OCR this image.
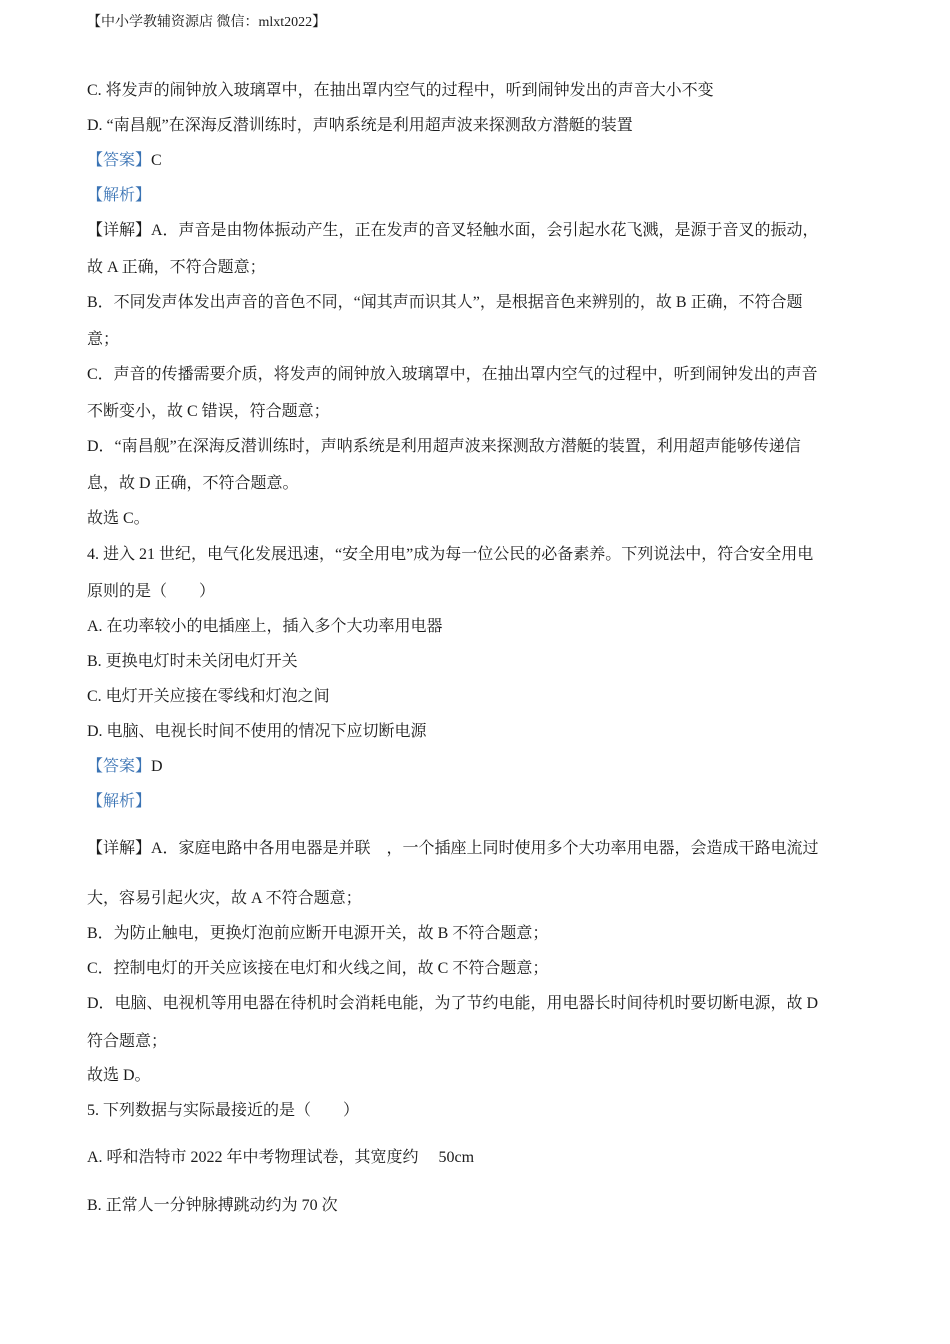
【中小学教辅资源店 微信：mlxt2022】
C. 将发声的闹钟放入玻璃罩中，在抽出罩内空气的过程中，听到闹钟发出的声音大小不变
D. “南昌舰”在深海反潜训练时，声呐系统是利用超声波来探测敌方潜艇的装置
【答案】C
【解析】
【详解】A．声音是由物体振动产生，正在发声的音叉轻触水面，会引起水花飞溅，是源于音叉的振动，
故 A 正确，不符合题意；
B．不同发声体发出声音的音色不同，“闻其声而识其人”，是根据音色来辨别的，故 B 正确，不符合题
意；
C．声音的传播需要介质，将发声的闹钟放入玻璃罩中，在抽出罩内空气的过程中，听到闹钟发出的声音
不断变小，故 C 错误，符合题意；
D．“南昌舰”在深海反潜训练时，声呐系统是利用超声波来探测敌方潜艇的装置，利用超声能够传递信
息，故 D 正确，不符合题意。
故选 C。
4. 进入 21 世纪，电气化发展迅速，“安全用电”成为每一位公民的必备素养。下列说法中，符合安全用电
原则的是（　　）
A. 在功率较小的电插座上，插入多个大功率用电器
B. 更换电灯时未关闭电灯开关
C. 电灯开关应接在零线和灯泡之间
D. 电脑、电视长时间不使用的情况下应切断电源
【答案】D
【解析】
【详解】A．家庭电路中各用电器是并联　，一个插座上同时使用多个大功率用电器，会造成干路电流过
大，容易引起火灾，故 A 不符合题意；
B．为防止触电，更换灯泡前应断开电源开关，故 B 不符合题意；
C．控制电灯的开关应该接在电灯和火线之间，故 C 不符合题意；
D．电脑、电视机等用电器在待机时会消耗电能，为了节约电能，用电器长时间待机时要切断电源，故 D
符合题意；
故选 D。
5. 下列数据与实际最接近的是（　　）
A. 呼和浩特市 2022 年中考物理试卷，其宽度约　 50cm
B. 正常人一分钟脉搏跳动约为 70 次
